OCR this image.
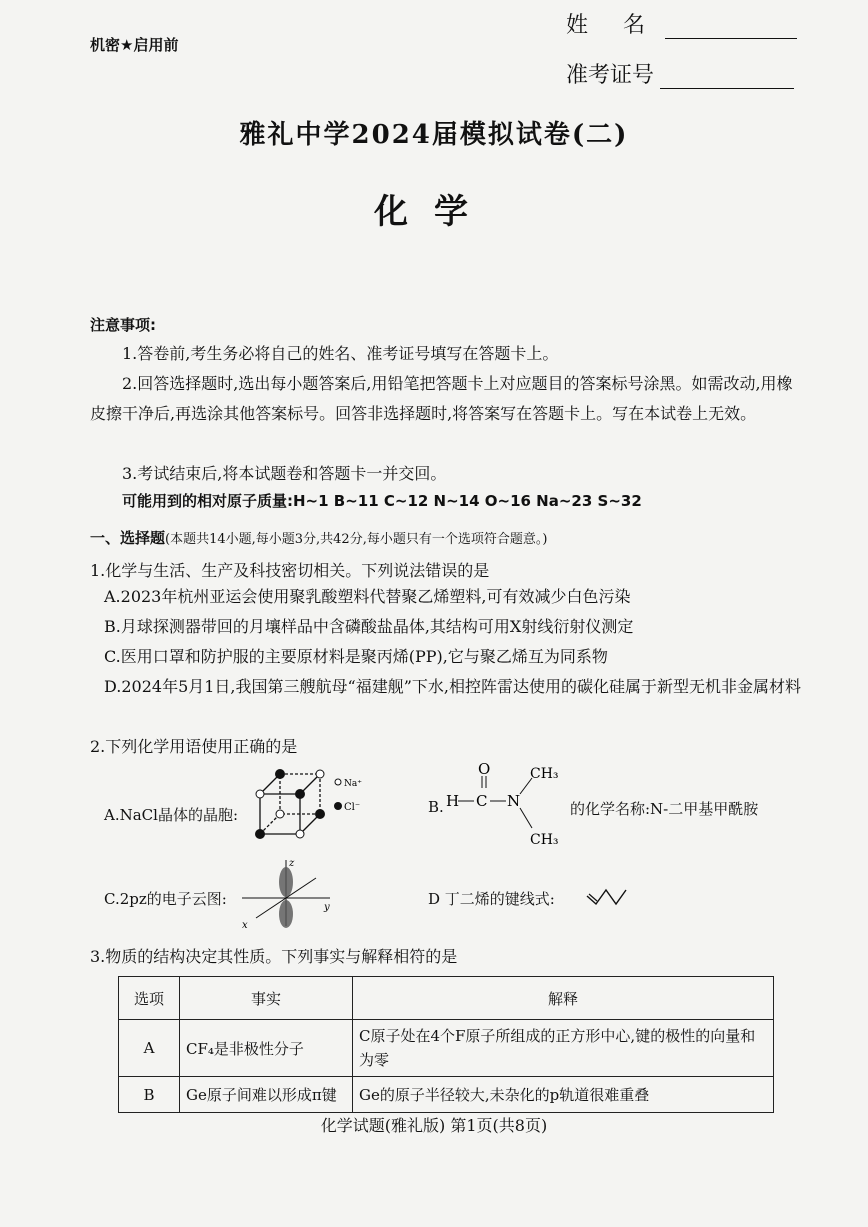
机密★启用前
姓 名
准考证号
雅礼中学2024届模拟试卷(二)
化学
注意事项:
1.答卷前,考生务必将自己的姓名、准考证号填写在答题卡上。
2.回答选择题时,选出每小题答案后,用铅笔把答题卡上对应题目的答案标号涂黑。如需改动,用橡皮擦干净后,再选涂其他答案标号。回答非选择题时,将答案写在答题卡上。写在本试卷上无效。
3.考试结束后,将本试题卷和答题卡一并交回。
可能用到的相对原子质量:H~1 B~11 C~12 N~14 O~16 Na~23 S~32
一、选择题(本题共14小题,每小题3分,共42分,每小题只有一个选项符合题意。)
1.化学与生活、生产及科技密切相关。下列说法错误的是
A.2023年杭州亚运会使用聚乳酸塑料代替聚乙烯塑料,可有效减少白色污染
B.月球探测器带回的月壤样品中含磷酸盐晶体,其结构可用X射线衍射仪测定
C.医用口罩和防护服的主要原材料是聚丙烯(PP),它与聚乙烯互为同系物
D.2024年5月1日,我国第三艘航母“福建舰”下水,相控阵雷达使用的碳化硅属于新型无机非金属材料
2.下列化学用语使用正确的是
A.NaCl晶体的晶胞:
Na⁺
Cl⁻	B. H C
O
N
CH₃
CH₃
的化学名称:N-二甲基甲酰胺
C.2pz的电子云图:
z
y
x
D 丁二烯的键线式:
3.物质的结构决定其性质。下列事实与解释相符的是
选项	事实	解释
A	CF₄是非极性分子	C原子处在4个F原子所组成的正方形中心,键的极性的向量和为零
B	Ge原子间难以形成π键	Ge的原子半径较大,未杂化的p轨道很难重叠
化学试题(雅礼版) 第1页(共8页)
